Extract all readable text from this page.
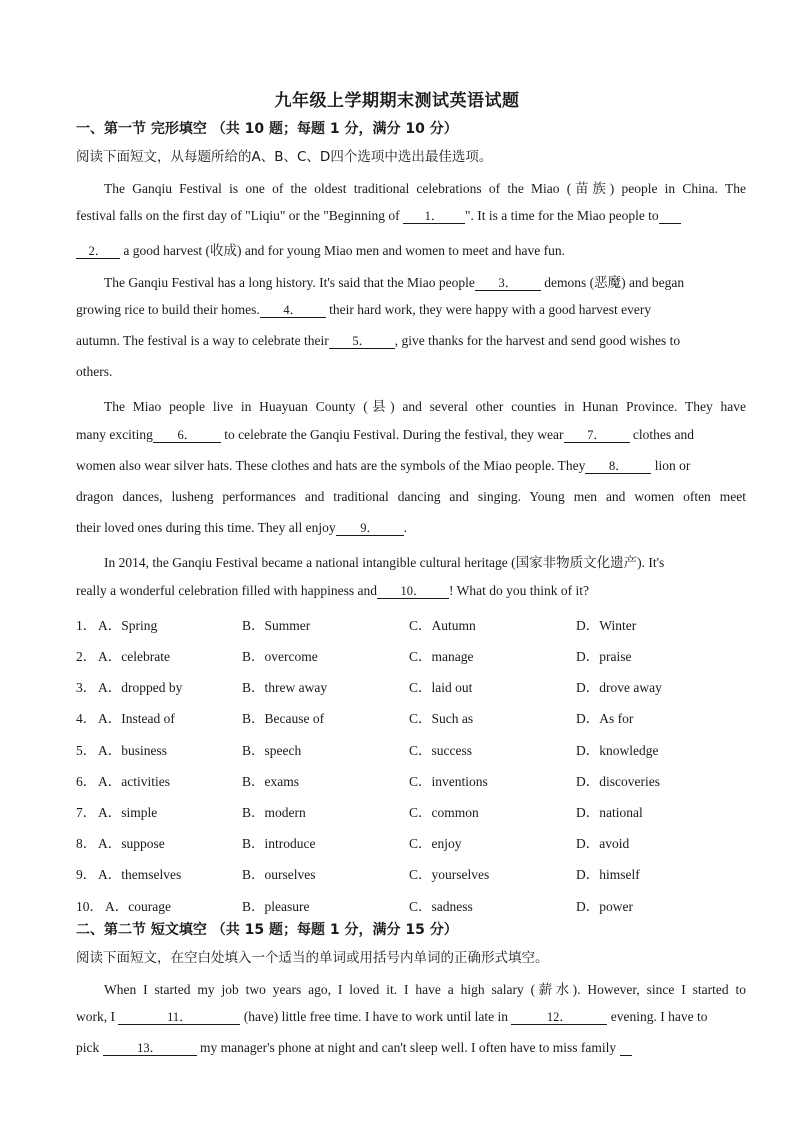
九年级上学期期末测试英语试题
一、第一节 完形填空 （共 10 题；每题 1 分，满分 10 分）
阅读下面短文，从每题所给的A、B、C、D四个选项中选出最佳选项。
The Ganqiu Festival is one of the oldest traditional celebrations of the Miao (苗族) people in China. The
festival falls on the first day of "Liqiu" or the "Beginning of 1． ". It is a time for the Miao people to
2． a good harvest (收成) and for young Miao men and women to meet and have fun.
The Ganqiu Festival has a long history. It's said that the Miao people 3． demons (恶魔) and began
growing rice to build their homes. 4． their hard work, they were happy with a good harvest every
autumn. The festival is a way to celebrate their 5． , give thanks for the harvest and send good wishes to
others.
The Miao people live in Huayuan County (县) and several other counties in Hunan Province. They have
many exciting 6． to celebrate the Ganqiu Festival. During the festival, they wear 7． clothes and
women also wear silver hats. These clothes and hats are the symbols of the Miao people. They 8． lion or
dragon dances, lusheng performances and traditional dancing and singing. Young men and women often meet
their loved ones during this time. They all enjoy 9． .
In 2014, the Ganqiu Festival became a national intangible cultural heritage (国家非物质文化遗产). It's
really a wonderful celebration filled with happiness and 10． ! What do you think of it?
1． A．Spring	B．Summer	C．Autumn	D．Winter
2． A．celebrate	B．overcome	C．manage	D．praise
3． A．dropped by	B．threw away	C．laid out	D．drove away
4． A．Instead of	B．Because of	C．Such as	D．As for
5． A．business	B．speech	C．success	D．knowledge
6． A．activities	B．exams	C．inventions	D．discoveries
7． A．simple	B．modern	C．common	D．national
8． A．suppose	B．introduce	C．enjoy	D．avoid
9． A．themselves	B．ourselves	C．yourselves	D．himself
10． A．courage	B．pleasure	C．sadness	D．power
二、第二节 短文填空 （共 15 题；每题 1 分，满分 15 分）
阅读下面短文，在空白处填入一个适当的单词或用括号内单词的正确形式填空。
When I started my job two years ago, I loved it. I have a high salary (薪水). However, since I started to
work, I	11．	(have) little free time. I have to work until late in	12．	evening. I have to
pick	13．	my manager's phone at night and can't sleep well. I often have to miss family
